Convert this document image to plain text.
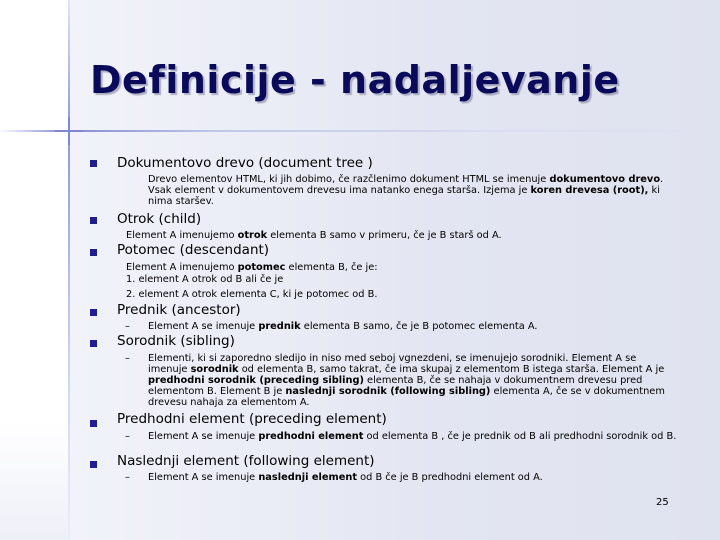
Definicije - nadaljevanje
Dokumentovo drevo (document tree )
Drevo elementov HTML, ki jih dobimo, če razčlenimo dokument HTML se imenuje dokumentovo drevo. Vsak element v dokumentovem drevesu ima natanko enega starša. Izjema je koren drevesa (root), ki nima staršev.
Otrok (child)
Element A imenujemo otrok elementa B samo v primeru, če je B starš od A.
Potomec (descendant)
Element A imenujemo potomec elementa B, če je:
1. element A otrok od B ali če je
2. element A otrok elementa C, ki je potomec od B.
Prednik (ancestor)
– Element A se imenuje prednik elementa B samo, če je B potomec elementa A.
Sorodnik (sibling)
– Elementi, ki si zaporedno sledijo in niso med seboj vgnezdeni, se imenujejo sorodniki. Element A se imenuje sorodnik od elementa B, samo takrat, če ima skupaj z elementom B istega starša. Element A je predhodni sorodnik (preceding sibling) elementa B, če se nahaja v dokumentnem drevesu pred elementom B. Element B je naslednji sorodnik (following sibling) elementa A, če se v dokumentnem drevesu nahaja za elementom A.
Predhodni element (preceding element)
– Element A se imenuje predhodni element od elementa B , če je prednik od B ali predhodni sorodnik od B.
Naslednji element (following element)
– Element A se imenuje naslednji element od B če je B predhodni element od A.
25
